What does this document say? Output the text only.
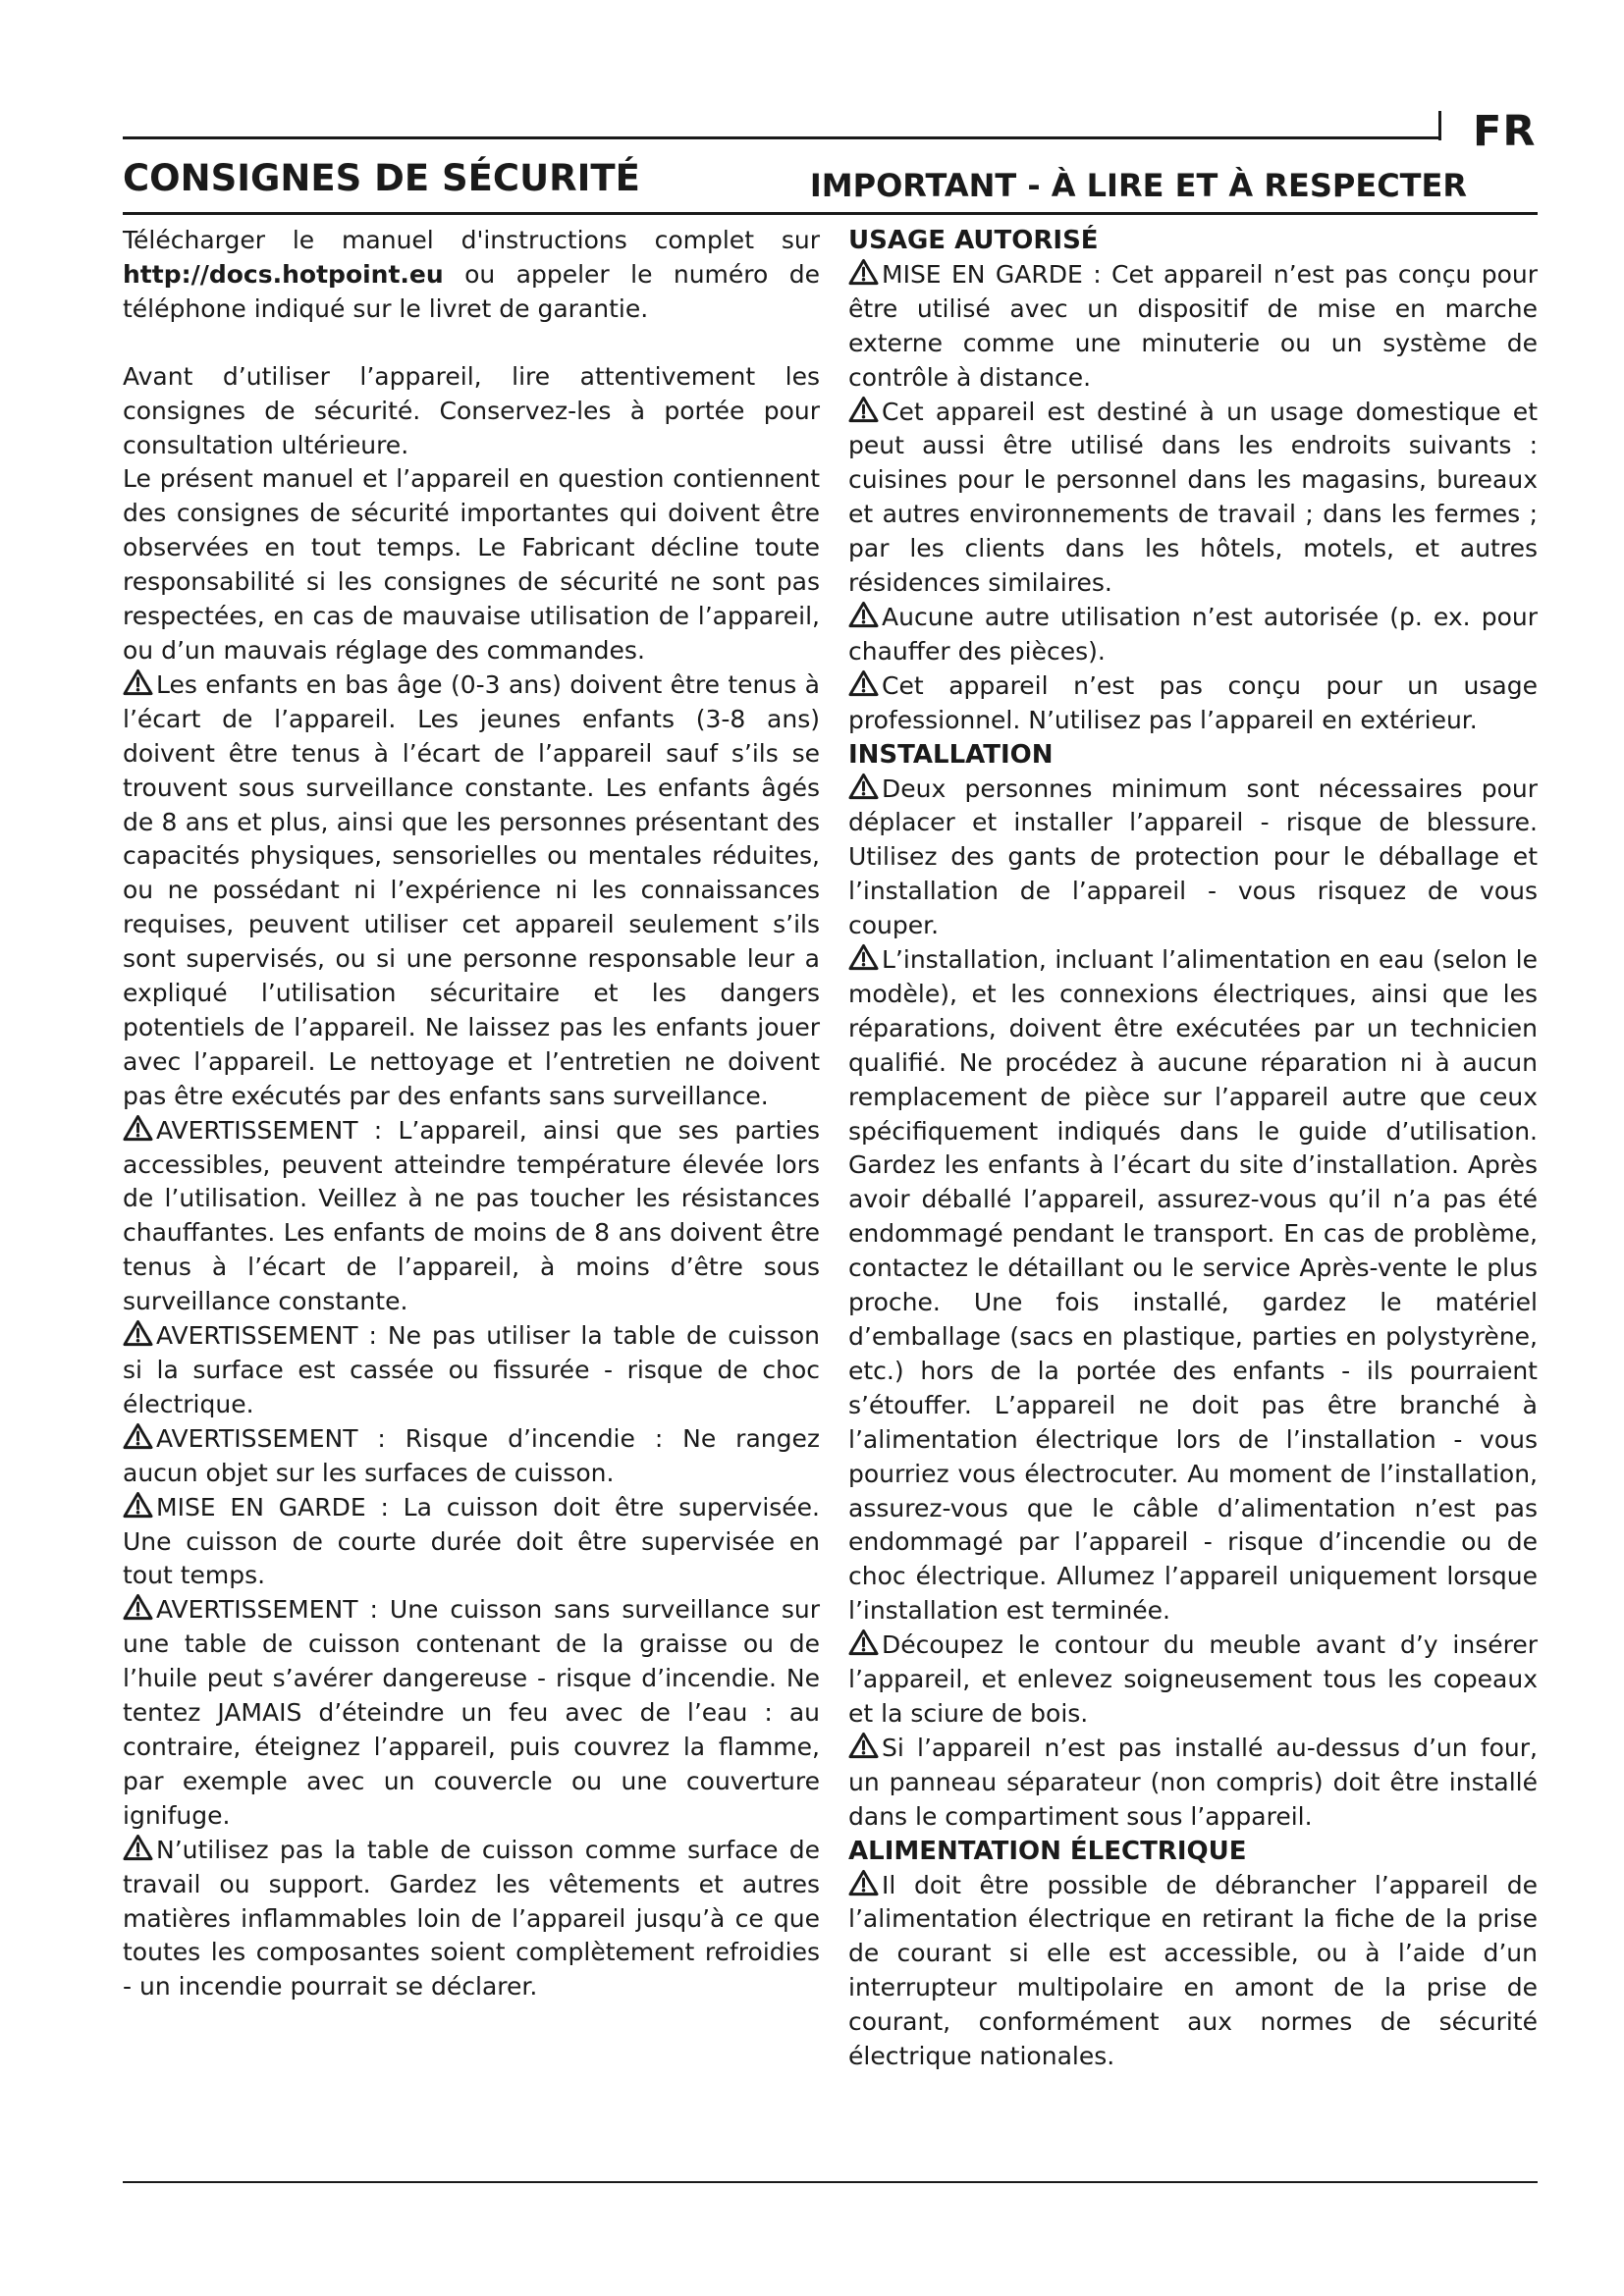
FR
CONSIGNES DE SÉCURITÉ	IMPORTANT - À LIRE ET À RESPECTER

Télécharger le manuel d'instructions complet sur http://docs.hotpoint.eu ou appeler le numéro de téléphone indiqué sur le livret de garantie.

Avant d’utiliser l’appareil, lire attentivement les consignes de sécurité. Conservez-les à portée pour consultation ultérieure.

Le présent manuel et l’appareil en question contiennent des consignes de sécurité importantes qui doivent être observées en tout temps. Le Fabricant décline toute responsabilité si les consignes de sécurité ne sont pas respectées, en cas de mauvaise utilisation de l’appareil, ou d’un mauvais réglage des commandes.

Les enfants en bas âge (0-3 ans) doivent être tenus à l’écart de l’appareil. Les jeunes enfants (3-8 ans) doivent être tenus à l’écart de l’appareil sauf s’ils se trouvent sous surveillance constante. Les enfants âgés de 8 ans et plus, ainsi que les personnes présentant des capacités physiques, sensorielles ou mentales réduites, ou ne possédant ni l’expérience ni les connaissances requises, peuvent utiliser cet appareil seulement s’ils sont supervisés, ou si une personne responsable leur a expliqué l’utilisation sécuritaire et les dangers potentiels de l’appareil. Ne laissez pas les enfants jouer avec l’appareil. Le nettoyage et l’entretien ne doivent pas être exécutés par des enfants sans surveillance.

AVERTISSEMENT : L’appareil, ainsi que ses parties accessibles, peuvent atteindre température élevée lors de l’utilisation. Veillez à ne pas toucher les résistances chauffantes. Les enfants de moins de 8 ans doivent être tenus à l’écart de l’appareil, à moins d’être sous surveillance constante.

AVERTISSEMENT : Ne pas utiliser la table de cuisson si la surface est cassée ou fissurée - risque de choc électrique.

AVERTISSEMENT : Risque d’incendie : Ne rangez aucun objet sur les surfaces de cuisson.

MISE EN GARDE : La cuisson doit être supervisée. Une cuisson de courte durée doit être supervisée en tout temps.

AVERTISSEMENT : Une cuisson sans surveillance sur une table de cuisson contenant de la graisse ou de l’huile peut s’avérer dangereuse - risque d’incendie. Ne tentez JAMAIS d’éteindre un feu avec de l’eau : au contraire, éteignez l’appareil, puis couvrez la flamme, par exemple avec un couvercle ou une couverture ignifuge.

N’utilisez pas la table de cuisson comme surface de travail ou support. Gardez les vêtements et autres matières inflammables loin de l’appareil jusqu’à ce que toutes les composantes soient complètement refroidies - un incendie pourrait se déclarer.

USAGE AUTORISÉ

MISE EN GARDE : Cet appareil n’est pas conçu pour être utilisé avec un dispositif de mise en marche externe comme une minuterie ou un système de contrôle à distance.

Cet appareil est destiné à un usage domestique et peut aussi être utilisé dans les endroits suivants : cuisines pour le personnel dans les magasins, bureaux et autres environnements de travail ; dans les fermes ; par les clients dans les hôtels, motels, et autres résidences similaires.

Aucune autre utilisation n’est autorisée (p. ex. pour chauffer des pièces).

Cet appareil n’est pas conçu pour un usage professionnel. N’utilisez pas l’appareil en extérieur.

INSTALLATION

Deux personnes minimum sont nécessaires pour déplacer et installer l’appareil - risque de blessure. Utilisez des gants de protection pour le déballage et l’installation de l’appareil - vous risquez de vous couper.

L’installation, incluant l’alimentation en eau (selon le modèle), et les connexions électriques, ainsi que les réparations, doivent être exécutées par un technicien qualifié. Ne procédez à aucune réparation ni à aucun remplacement de pièce sur l’appareil autre que ceux spécifiquement indiqués dans le guide d’utilisation. Gardez les enfants à l’écart du site d’installation. Après avoir déballé l’appareil, assurez-vous qu’il n’a pas été endommagé pendant le transport. En cas de problème, contactez le détaillant ou le service Après-vente le plus proche. Une fois installé, gardez le matériel d’emballage (sacs en plastique, parties en polystyrène, etc.) hors de la portée des enfants - ils pourraient s’étouffer. L’appareil ne doit pas être branché à l’alimentation électrique lors de l’installation - vous pourriez vous électrocuter. Au moment de l’installation, assurez-vous que le câble d’alimentation n’est pas endommagé par l’appareil - risque d’incendie ou de choc électrique. Allumez l’appareil uniquement lorsque l’installation est terminée.

Découpez le contour du meuble avant d’y insérer l’appareil, et enlevez soigneusement tous les copeaux et la sciure de bois.

Si l’appareil n’est pas installé au-dessus d’un four, un panneau séparateur (non compris) doit être installé dans le compartiment sous l’appareil.

ALIMENTATION ÉLECTRIQUE

Il doit être possible de débrancher l’appareil de l’alimentation électrique en retirant la fiche de la prise de courant si elle est accessible, ou à l’aide d’un interrupteur multipolaire en amont de la prise de courant, conformément aux normes de sécurité électrique nationales.
